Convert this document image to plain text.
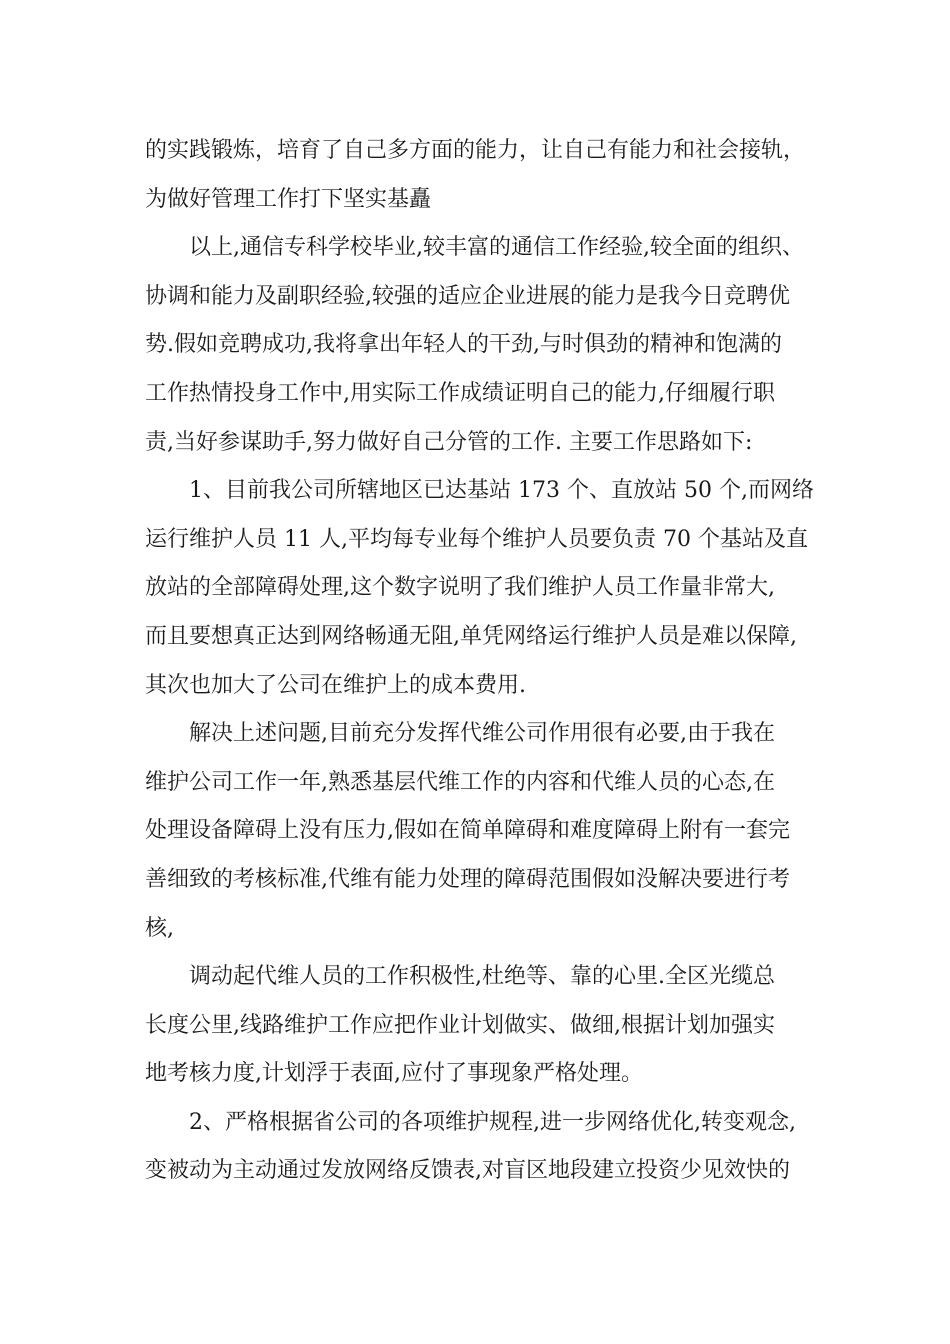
的实践锻炼，培育了自己多方面的能力，让自己有能力和社会接轨，
为做好管理工作打下坚实基矗

以上,通信专科学校毕业,较丰富的通信工作经验,较全面的组织、
协调和能力及副职经验,较强的适应企业进展的能力是我今日竞聘优
势.假如竞聘成功,我将拿出年轻人的干劲,与时俱劲的精神和饱满的
工作热情投身工作中,用实际工作成绩证明自己的能力,仔细履行职
责,当好参谋助手,努力做好自己分管的工作. 主要工作思路如下:

1、目前我公司所辖地区已达基站 173 个、直放站 50 个,而网络
运行维护人员 11 人,平均每专业每个维护人员要负责 70 个基站及直
放站的全部障碍处理,这个数字说明了我们维护人员工作量非常大,
而且要想真正达到网络畅通无阻,单凭网络运行维护人员是难以保障,
其次也加大了公司在维护上的成本费用.

解决上述问题,目前充分发挥代维公司作用很有必要,由于我在
维护公司工作一年,熟悉基层代维工作的内容和代维人员的心态,在
处理设备障碍上没有压力,假如在简单障碍和难度障碍上附有一套完
善细致的考核标准,代维有能力处理的障碍范围假如没解决要进行考
核,

调动起代维人员的工作积极性,杜绝等、靠的心里.全区光缆总
长度公里,线路维护工作应把作业计划做实、做细,根据计划加强实
地考核力度,计划浮于表面,应付了事现象严格处理。

2、严格根据省公司的各项维护规程,进一步网络优化,转变观念,
变被动为主动通过发放网络反馈表,对盲区地段建立投资少见效快的
